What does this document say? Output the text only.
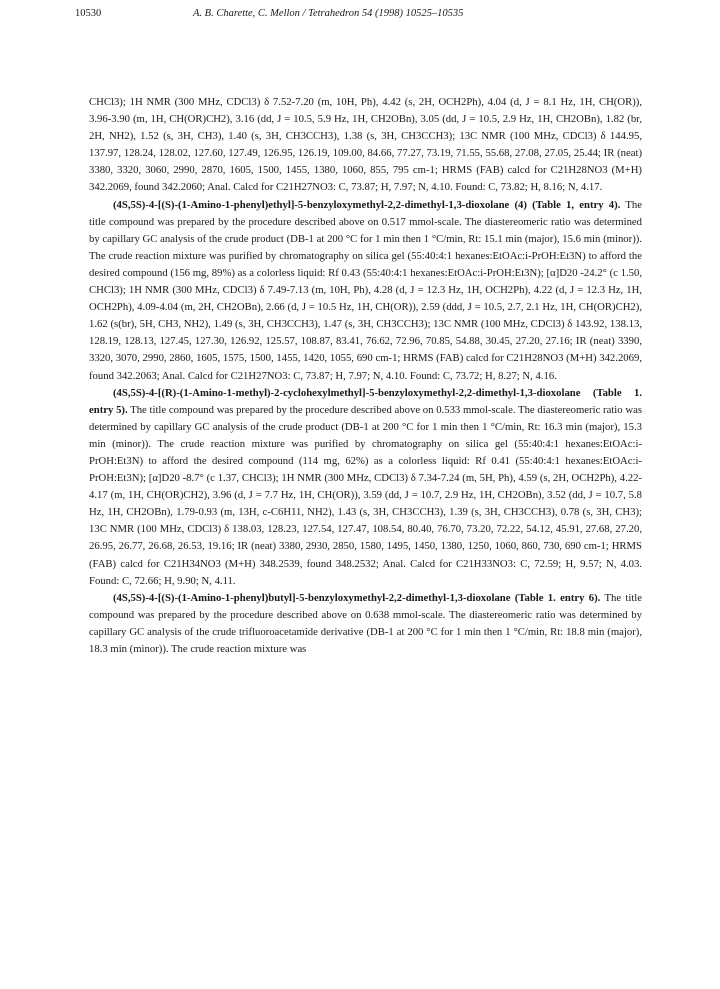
10530	A. B. Charette, C. Mellon / Tetrahedron 54 (1998) 10525–10535

CHCl3); 1H NMR (300 MHz, CDCl3) δ 7.52-7.20 (m, 10H, Ph), 4.42 (s, 2H, OCH2Ph), 4.04 (d, J = 8.1 Hz, 1H, CH(OR)), 3.96-3.90 (m, 1H, CH(OR)CH2), 3.16 (dd, J = 10.5, 5.9 Hz, 1H, CH2OBn), 3.05 (dd, J = 10.5, 2.9 Hz, 1H, CH2OBn), 1.82 (br, 2H, NH2), 1.52 (s, 3H, CH3), 1.40 (s, 3H, CH3CCH3), 1.38 (s, 3H, CH3CCH3); 13C NMR (100 MHz, CDCl3) δ 144.95, 137.97, 128.24, 128.02, 127.60, 127.49, 126.95, 126.19, 109.00, 84.66, 77.27, 73.19, 71.55, 55.68, 27.08, 27.05, 25.44; IR (neat) 3380, 3320, 3060, 2990, 2870, 1605, 1500, 1455, 1380, 1060, 855, 795 cm-1; HRMS (FAB) calcd for C21H28NO3 (M+H) 342.2069, found 342.2060; Anal. Calcd for C21H27NO3: C, 73.87; H, 7.97; N, 4.10. Found: C, 73.82; H, 8.16; N, 4.17.

(4S,5S)-4-[(S)-(1-Amino-1-phenyl)ethyl]-5-benzyloxymethyl-2,2-dimethyl-1,3-dioxolane (4) (Table 1, entry 4). The title compound was prepared by the procedure described above on 0.517 mmol-scale. The diastereomeric ratio was determined by capillary GC analysis of the crude product (DB-1 at 200 °C for 1 min then 1 °C/min, Rt: 15.1 min (major), 15.6 min (minor)). The crude reaction mixture was purified by chromatography on silica gel (55:40:4:1 hexanes:EtOAc:i-PrOH:Et3N) to afford the desired compound (156 mg, 89%) as a colorless liquid: Rf 0.43 (55:40:4:1 hexanes:EtOAc:i-PrOH:Et3N); [α]D20 -24.2° (c 1.50, CHCl3); 1H NMR (300 MHz, CDCl3) δ 7.49-7.13 (m, 10H, Ph), 4.28 (d, J = 12.3 Hz, 1H, OCH2Ph), 4.22 (d, J = 12.3 Hz, 1H, OCH2Ph), 4.09-4.04 (m, 2H, CH2OBn), 2.66 (d, J = 10.5 Hz, 1H, CH(OR)), 2.59 (ddd, J = 10.5, 2.7, 2.1 Hz, 1H, CH(OR)CH2), 1.62 (s(br), 5H, CH3, NH2), 1.49 (s, 3H, CH3CCH3), 1.47 (s, 3H, CH3CCH3); 13C NMR (100 MHz, CDCl3) δ 143.92, 138.13, 128.19, 128.13, 127.45, 127.30, 126.92, 125.57, 108.87, 83.41, 76.62, 72.96, 70.85, 54.88, 30.45, 27.20, 27.16; IR (neat) 3390, 3320, 3070, 2990, 2860, 1605, 1575, 1500, 1455, 1420, 1055, 690 cm-1; HRMS (FAB) calcd for C21H28NO3 (M+H) 342.2069, found 342.2063; Anal. Calcd for C21H27NO3: C, 73.87; H, 7.97; N, 4.10. Found: C, 73.72; H, 8.27; N, 4.16.

(4S,5S)-4-[(R)-(1-Amino-1-methyl)-2-cyclohexylmethyl]-5-benzyloxymethyl-2,2-dimethyl-1,3-dioxolane (Table 1. entry 5). The title compound was prepared by the procedure described above on 0.533 mmol-scale. The diastereomeric ratio was determined by capillary GC analysis of the crude product (DB-1 at 200 °C for 1 min then 1 °C/min, Rt: 16.3 min (major), 15.3 min (minor)). The crude reaction mixture was purified by chromatography on silica gel (55:40:4:1 hexanes:EtOAc:i-PrOH:Et3N) to afford the desired compound (114 mg, 62%) as a colorless liquid: Rf 0.41 (55:40:4:1 hexanes:EtOAc:i-PrOH:Et3N); [α]D20 -8.7° (c 1.37, CHCl3); 1H NMR (300 MHz, CDCl3) δ 7.34-7.24 (m, 5H, Ph), 4.59 (s, 2H, OCH2Ph), 4.22-4.17 (m, 1H, CH(OR)CH2), 3.96 (d, J = 7.7 Hz, 1H, CH(OR)), 3.59 (dd, J = 10.7, 2.9 Hz, 1H, CH2OBn), 3.52 (dd, J = 10.7, 5.8 Hz, 1H, CH2OBn), 1.79-0.93 (m, 13H, c-C6H11, NH2), 1.43 (s, 3H, CH3CCH3), 1.39 (s, 3H, CH3CCH3), 0.78 (s, 3H, CH3); 13C NMR (100 MHz, CDCl3) δ 138.03, 128.23, 127.54, 127.47, 108.54, 80.40, 76.70, 73.20, 72.22, 54.12, 45.91, 27.68, 27.20, 26.95, 26.77, 26.68, 26.53, 19.16; IR (neat) 3380, 2930, 2850, 1580, 1495, 1450, 1380, 1250, 1060, 860, 730, 690 cm-1; HRMS (FAB) calcd for C21H34NO3 (M+H) 348.2539, found 348.2532; Anal. Calcd for C21H33NO3: C, 72.59; H, 9.57; N, 4.03. Found: C, 72.66; H, 9.90; N, 4.11.

(4S,5S)-4-[(S)-(1-Amino-1-phenyl)butyl]-5-benzyloxymethyl-2,2-dimethyl-1,3-dioxolane (Table 1. entry 6). The title compound was prepared by the procedure described above on 0.638 mmol-scale. The diastereomeric ratio was determined by capillary GC analysis of the crude trifluoroacetamide derivative (DB-1 at 200 °C for 1 min then 1 °C/min, Rt: 18.8 min (major), 18.3 min (minor)). The crude reaction mixture was
